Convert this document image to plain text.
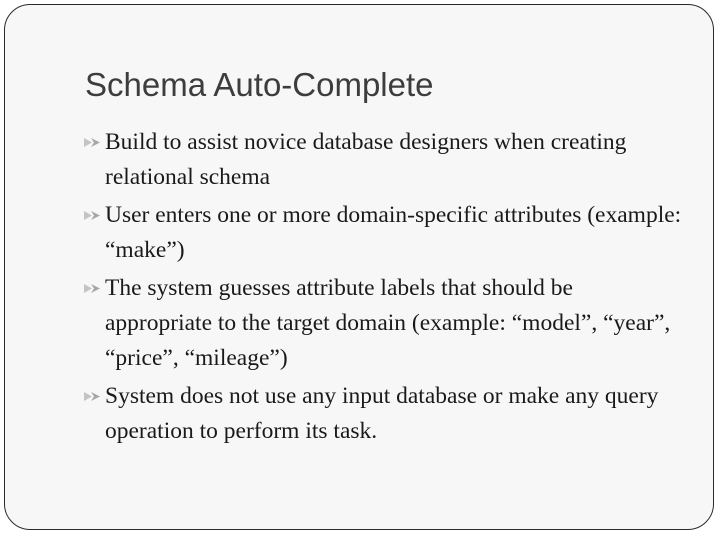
Schema Auto-Complete
Build to assist novice database designers when creating relational schema
User enters one or more domain-specific attributes (example: “make”)
The system guesses attribute labels that should be appropriate to the target domain (example: “model”, “year”, “price”, “mileage”)
System does not use any input database or make any query operation to perform its task.
